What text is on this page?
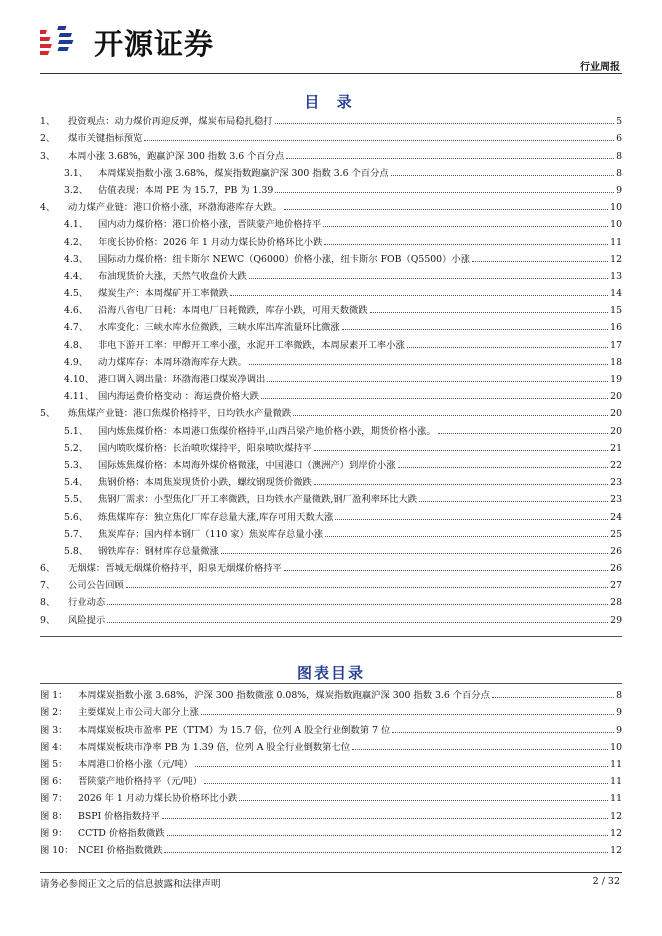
开源证券
行业周报
目 录
1、	投资观点：动力煤价再迎反弹，煤炭布局稳扎稳打	5
2、	煤市关键指标预览	6
3、	本周小涨 3.68%，跑赢沪深 300 指数 3.6 个百分点	8
3.1、	本周煤炭指数小涨 3.68%，煤炭指数跑赢沪深 300 指数 3.6 个百分点	8
3.2、	估值表现：本周 PE 为 15.7，PB 为 1.39	9
4、	动力煤产业链：港口价格小涨，环渤海港库存大跌。	10
4.1、	国内动力煤价格：港口价格小涨，晋陕蒙产地价格持平	10
4.2、	年度长协价格：2026 年 1 月动力煤长协价格环比小跌	11
4.3、	国际动力煤价格：纽卡斯尔 NEWC（Q6000）价格小涨，纽卡斯尔 FOB（Q5500）小涨	12
4.4、	布油现货价大涨，天然气收盘价大跌	13
4.5、	煤炭生产：本周煤矿开工率微跌	14
4.6、	沿海八省电厂日耗：本周电厂日耗微跌，库存小跌，可用天数微跌	15
4.7、	水库变化：三峡水库水位微跌，三峡水库出库流量环比微涨	16
4.8、	非电下游开工率：甲醇开工率小涨，水泥开工率微跌，本周尿素开工率小涨	17
4.9、	动力煤库存：本周环渤海库存大跌。	18
4.10、 港口调入调出量：环渤海港口煤炭净调出	19
4.11、 国内海运费价格变动 ：海运费价格大跌	20
5、	炼焦煤产业链：港口焦煤价格持平，日均铁水产量微跌	20
5.1、	国内炼焦煤价格：本周港口焦煤价格持平,山西吕梁产地价格小跌，期货价格小涨。	20
5.2、	国内喷吹煤价格：长治喷吹煤持平，阳泉喷吹煤持平	21
5.3、	国际炼焦煤价格：本周海外煤价格微涨，中国港口（澳洲产）到岸价小涨	22
5.4、	焦钢价格：本周焦炭现货价小跌，螺纹钢现货价微跌	23
5.5、	焦钢厂需求：小型焦化厂开工率微跌，日均铁水产量微跌,钢厂盈利率环比大跌	23
5.6、	炼焦煤库存：独立焦化厂库存总量大涨,库存可用天数大涨	24
5.7、	焦炭库存：国内样本钢厂（110 家）焦炭库存总量小涨	25
5.8、	钢铁库存：钢材库存总量微涨	26
6、	无烟煤：晋城无烟煤价格持平，阳泉无烟煤价格持平	26
7、	公司公告回顾	27
8、	行业动态	28
9、	风险提示	29
图表目录
图 1：	本周煤炭指数小涨 3.68%，沪深 300 指数微涨 0.08%，煤炭指数跑赢沪深 300 指数 3.6 个百分点	8
图 2：	主要煤炭上市公司大部分上涨	9
图 3：	本周煤炭板块市盈率 PE（TTM）为 15.7 倍，位列 A 股全行业倒数第 7 位	9
图 4：	本周煤炭板块市净率 PB 为 1.39 倍，位列 A 股全行业倒数第七位	10
图 5：	本周港口价格小涨（元/吨）	11
图 6：	晋陕蒙产地价格持平（元/吨）	11
图 7：	2026 年 1 月动力煤长协价格环比小跌	11
图 8：	BSPI 价格指数持平	12
图 9：	CCTD 价格指数微跌	12
图 10： NCEI 价格指数微跌	12
请务必参阅正文之后的信息披露和法律声明	2 / 32
